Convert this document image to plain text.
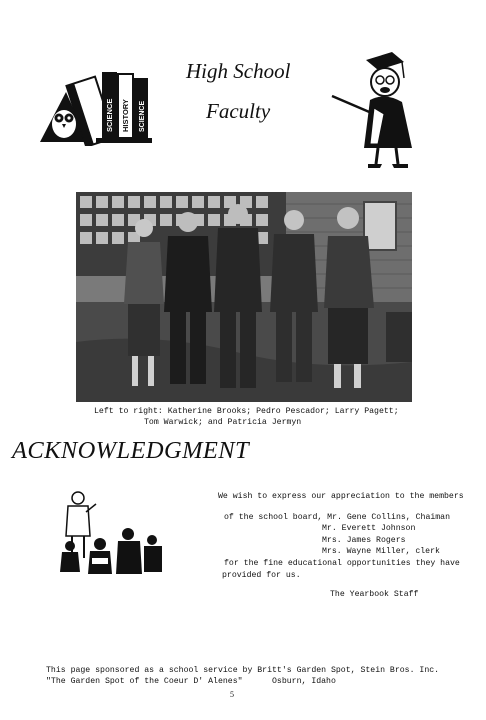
High School
Faculty
SCIENCE HISTORY SCIENCE
Left to right: Katherine Brooks; Pedro Pescador; Larry Pagett;
Tom Warwick; and Patricia Jermyn
ACKNOWLEDGMENT
We wish to express our appreciation to the members
of the school board, Mr. Gene Collins, Chaiman
Mr. Everett Johnson
Mrs. James Rogers
Mrs. Wayne Miller, clerk
for the fine educational opportunities they have
provided for us.
The Yearbook Staff
This page sponsored as a school service by Britt's Garden Spot, Stein Bros. Inc.
"The Garden Spot of the Coeur D' Alenes"      Osburn, Idaho
5
